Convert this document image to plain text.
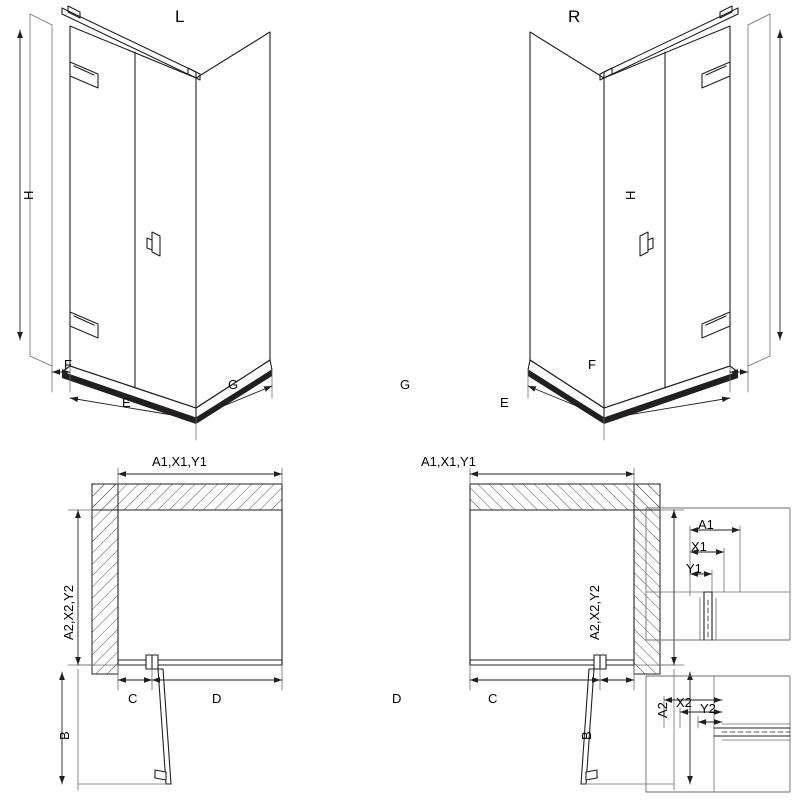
L
H
F
E
G
R
H
G
E
F
A1,X1,Y1
A2,X2,Y2
C	D
B
A1,X1,Y1
A2,X2,Y2
D	C
B
A1
X1
Y1
A2 X2 Y2
